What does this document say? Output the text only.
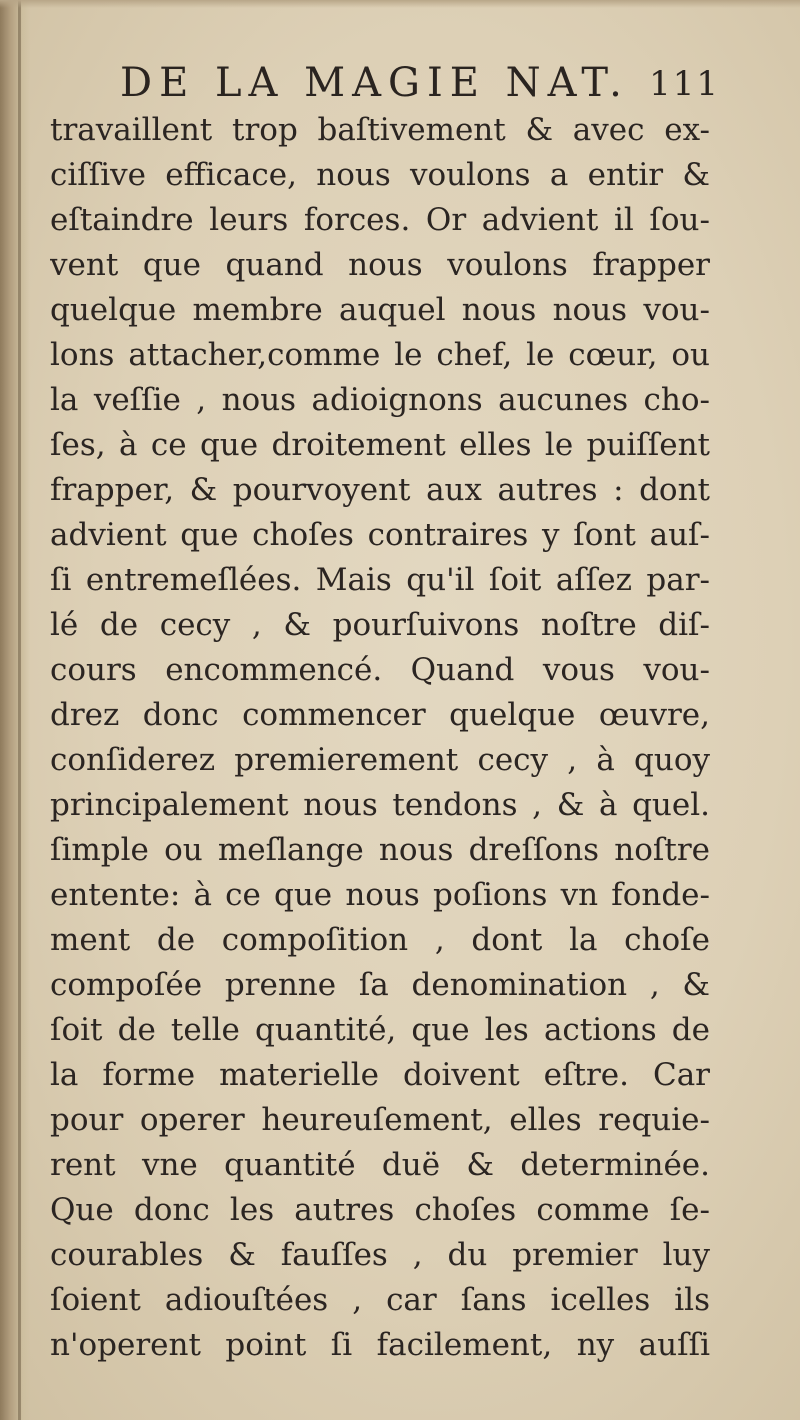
DE LA MAGIE NAT. 111
travaillent trop baſtivement & avec ex-
ciſſive efficace, nous voulons a entir &
eſtaindre leurs forces. Or advient il ſou-
vent que quand nous voulons frapper
quelque membre auquel nous nous vou-
lons attacher,comme le chef, le cœur, ou
la veſſie , nous adioignons aucunes cho-
ſes, à ce que droitement elles le puiſſent
frapper, & pourvoyent aux autres : dont
advient que choſes contraires y ſont auſ-
ſi entremeſlées. Mais qu'il ſoit aſſez par-
lé de cecy , & pourſuivons noſtre diſ-
cours encommencé. Quand vous vou-
drez donc commencer quelque œuvre,
conſiderez premierement cecy , à quoy
principalement nous tendons , & à quel.
ſimple ou meſlange nous dreſſons noſtre
entente: à ce que nous poſions vn fonde-
ment de compoſition , dont la choſe
compoſée prenne ſa denomination , &
ſoit de telle quantité, que les actions de
la forme materielle doivent eſtre. Car
pour operer heureuſement, elles requie-
rent vne quantité duë & determinée.
Que donc les autres choſes comme ſe-
courables & fauſſes , du premier luy
ſoient adiouſtées , car ſans icelles ils
n'operent point ſi facilement, ny auſſi
